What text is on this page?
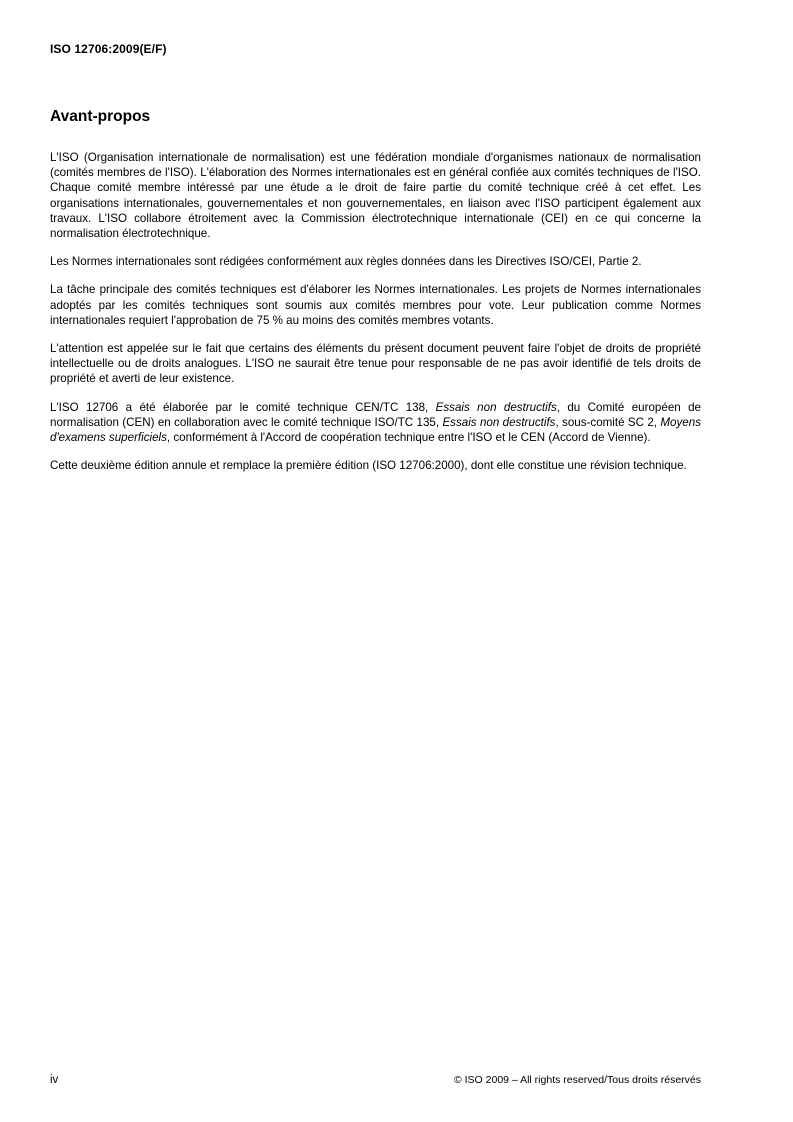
ISO 12706:2009(E/F)
Avant-propos

L'ISO (Organisation internationale de normalisation) est une fédération mondiale d'organismes nationaux de normalisation (comités membres de l'ISO). L'élaboration des Normes internationales est en général confiée aux comités techniques de l'ISO. Chaque comité membre intéressé par une étude a le droit de faire partie du comité technique créé à cet effet. Les organisations internationales, gouvernementales et non gouvernementales, en liaison avec l'ISO participent également aux travaux. L'ISO collabore étroitement avec la Commission électrotechnique internationale (CEI) en ce qui concerne la normalisation électrotechnique.

Les Normes internationales sont rédigées conformément aux règles données dans les Directives ISO/CEI, Partie 2.

La tâche principale des comités techniques est d'élaborer les Normes internationales. Les projets de Normes internationales adoptés par les comités techniques sont soumis aux comités membres pour vote. Leur publication comme Normes internationales requiert l'approbation de 75 % au moins des comités membres votants.

L'attention est appelée sur le fait que certains des éléments du présent document peuvent faire l'objet de droits de propriété intellectuelle ou de droits analogues. L'ISO ne saurait être tenue pour responsable de ne pas avoir identifié de tels droits de propriété et averti de leur existence.

L'ISO 12706 a été élaborée par le comité technique CEN/TC 138, Essais non destructifs, du Comité européen de normalisation (CEN) en collaboration avec le comité technique ISO/TC 135, Essais non destructifs, sous-comité SC 2, Moyens d'examens superficiels, conformément à l'Accord de coopération technique entre l'ISO et le CEN (Accord de Vienne).

Cette deuxième édition annule et remplace la première édition (ISO 12706:2000), dont elle constitue une révision technique.

iv	© ISO 2009 – All rights reserved/Tous droits réservés
